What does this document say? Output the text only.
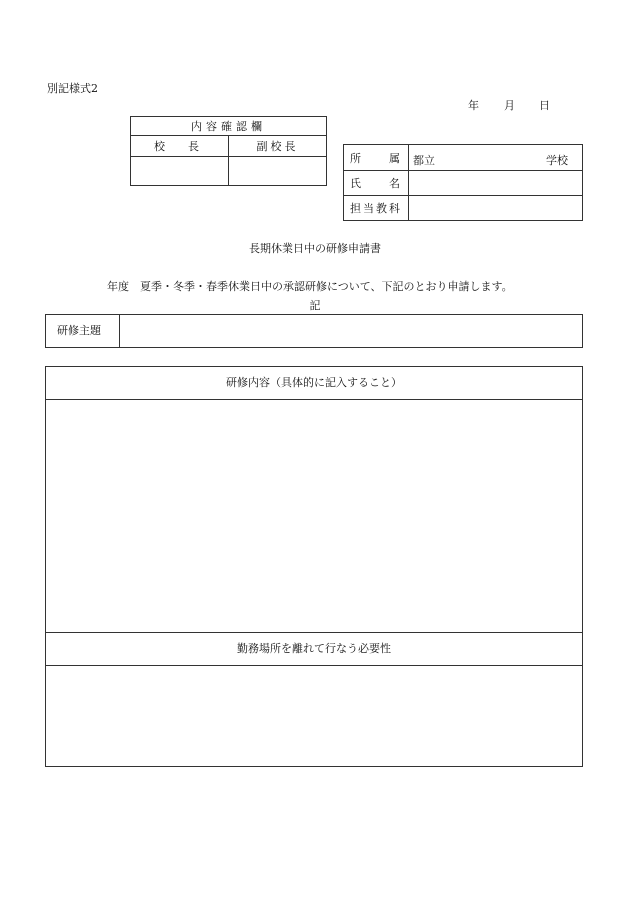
別記様式2
年 月 日
内容確認欄	
校　長	副校長

所　　属	都立 学校

氏　　名	
担当教科	
長期休業日中の研修申請書
年度　夏季・冬季・春季休業日中の承認研修について、下記のとおり申請します。
記
研修主題
研修内容（具体的に記入すること）
勤務場所を離れて行なう必要性
